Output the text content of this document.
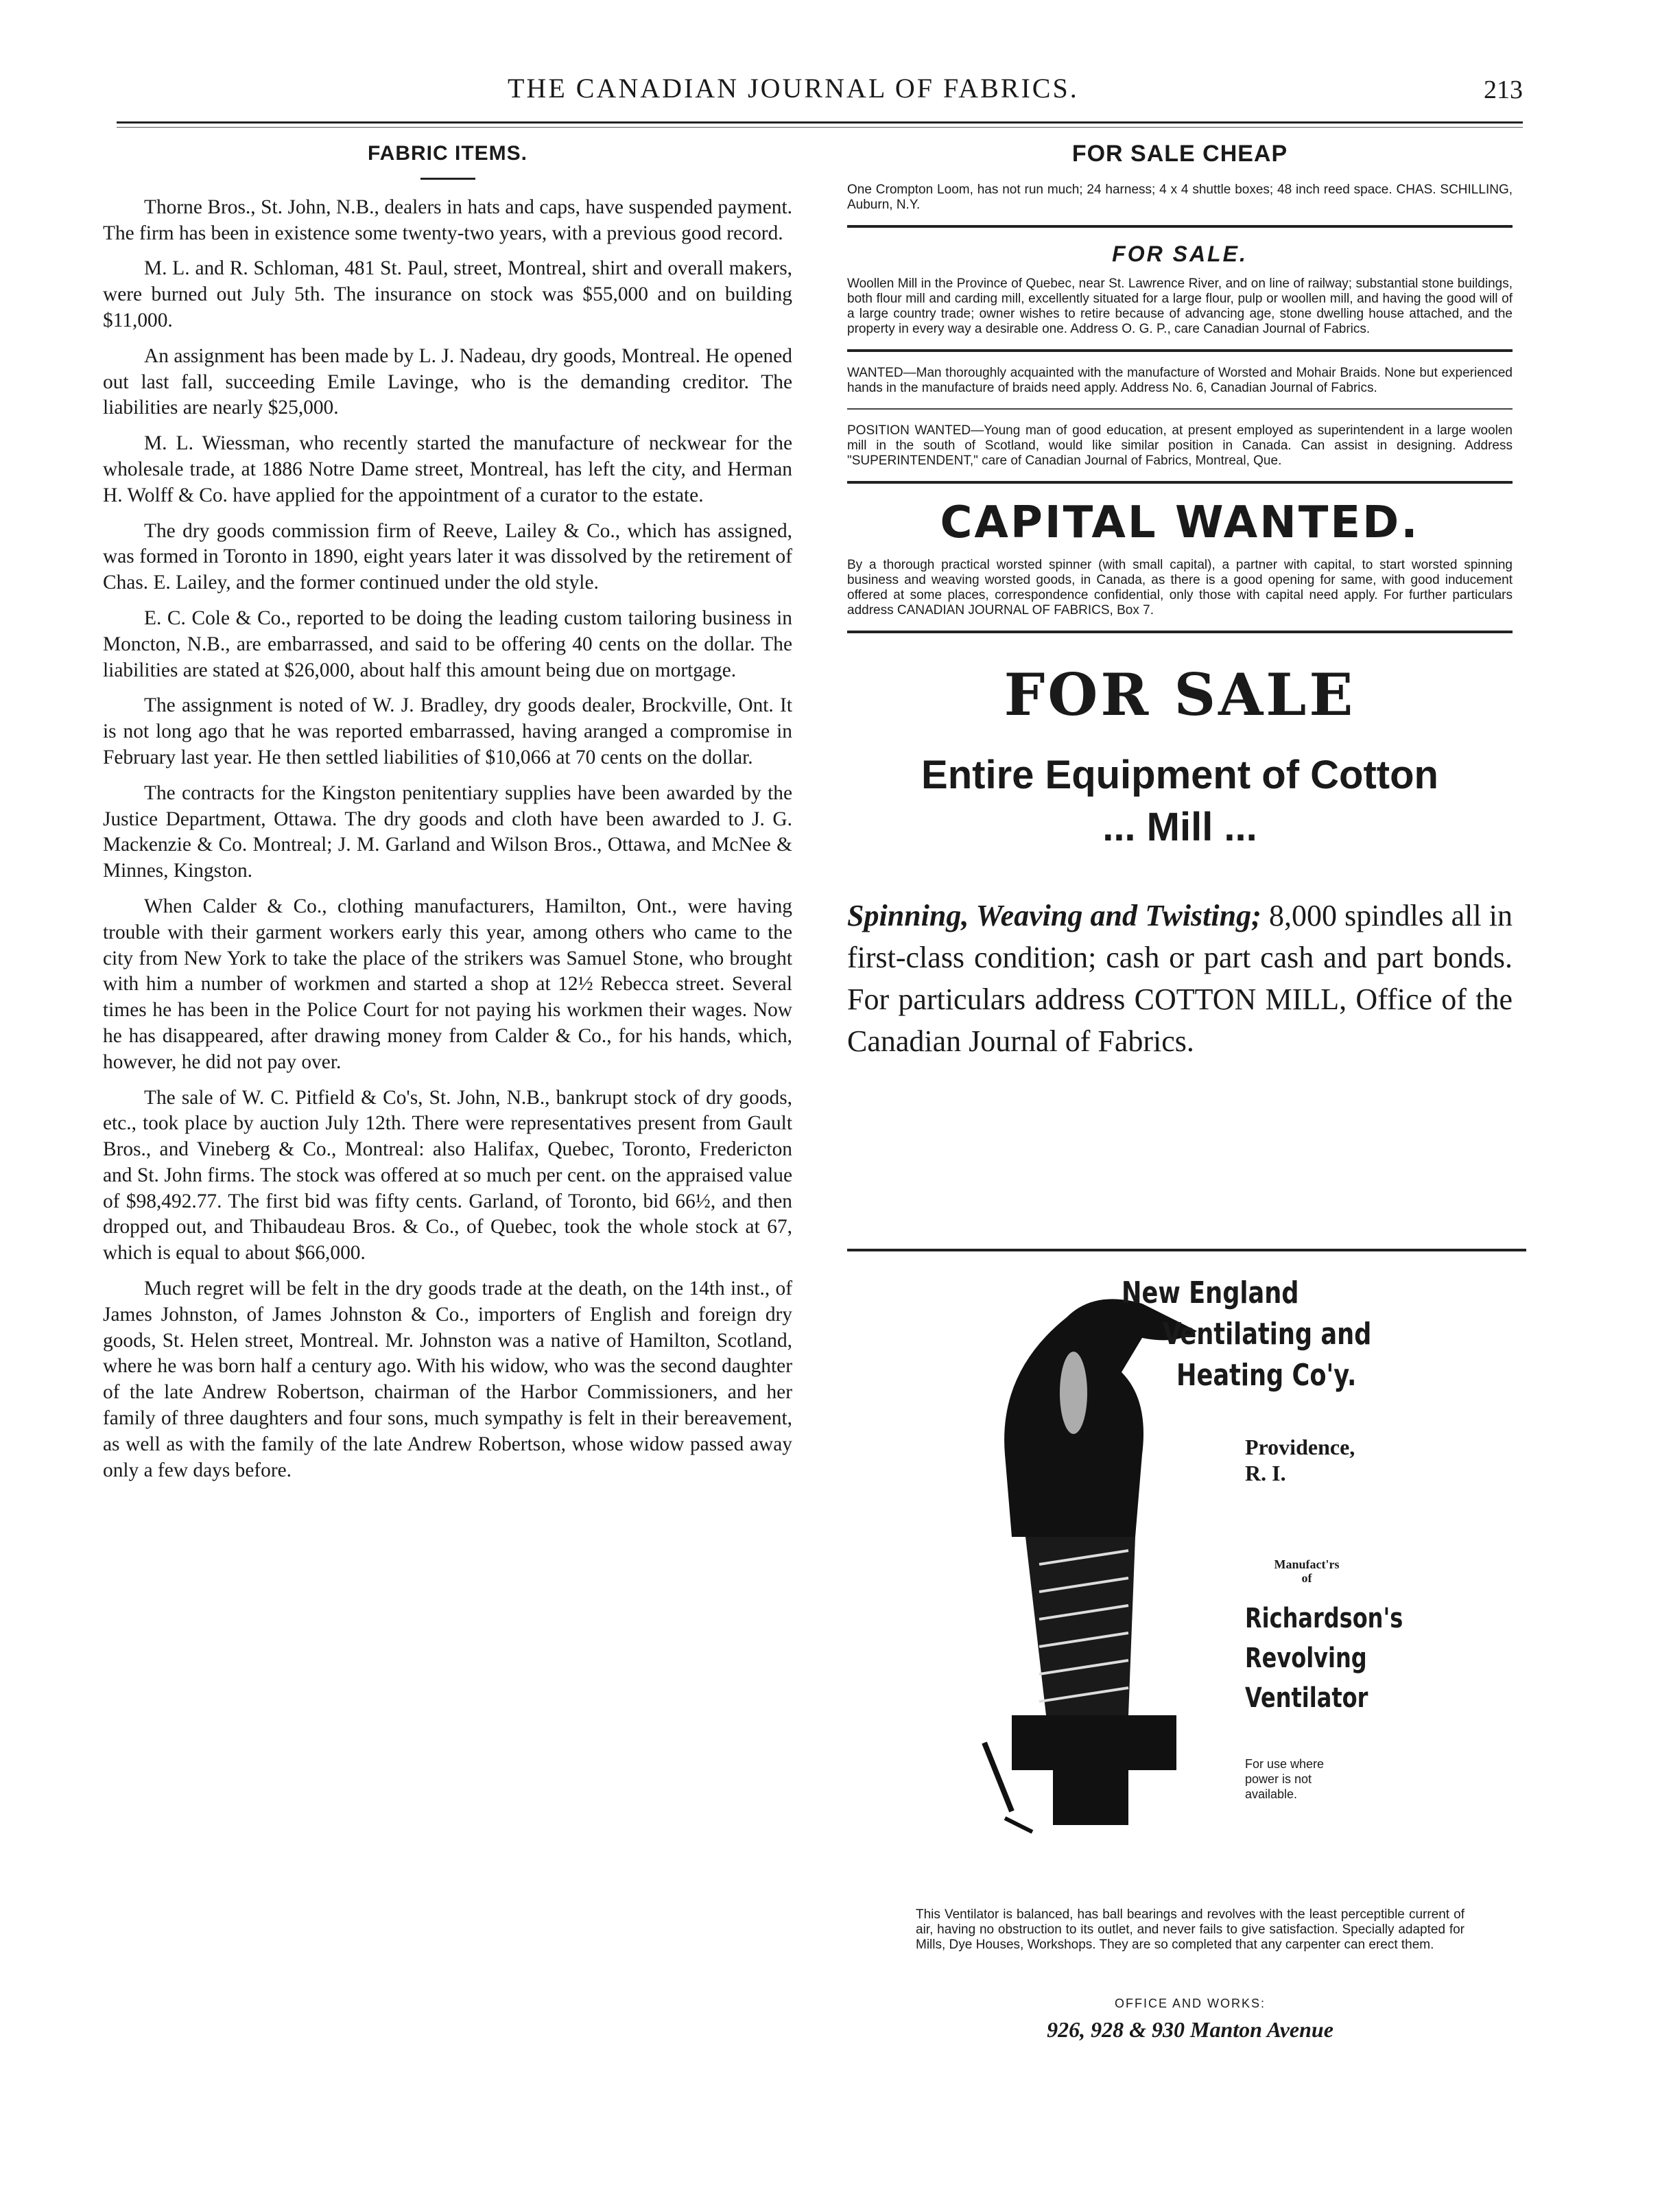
THE CANADIAN JOURNAL OF FABRICS.	213
FABRIC ITEMS.

Thorne Bros., St. John, N.B., dealers in hats and caps, have suspended payment. The firm has been in existence some twenty-two years, with a previous good record.

M. L. and R. Schloman, 481 St. Paul, street, Montreal, shirt and overall makers, were burned out July 5th. The insurance on stock was $55,000 and on building $11,000.

An assignment has been made by L. J. Nadeau, dry goods, Montreal. He opened out last fall, succeeding Emile Lavinge, who is the demanding creditor. The liabilities are nearly $25,000.

M. L. Wiessman, who recently started the manufacture of neckwear for the wholesale trade, at 1886 Notre Dame street, Montreal, has left the city, and Herman H. Wolff & Co. have applied for the appointment of a curator to the estate.

The dry goods commission firm of Reeve, Lailey & Co., which has assigned, was formed in Toronto in 1890, eight years later it was dissolved by the retirement of Chas. E. Lailey, and the former continued under the old style.

E. C. Cole & Co., reported to be doing the leading custom tailoring business in Moncton, N.B., are embarrassed, and said to be offering 40 cents on the dollar. The liabilities are stated at $26,000, about half this amount being due on mortgage.

The assignment is noted of W. J. Bradley, dry goods dealer, Brockville, Ont. It is not long ago that he was reported embarrassed, having aranged a compromise in February last year. He then settled liabilities of $10,066 at 70 cents on the dollar.

The contracts for the Kingston penitentiary supplies have been awarded by the Justice Department, Ottawa. The dry goods and cloth have been awarded to J. G. Mackenzie & Co. Montreal; J. M. Garland and Wilson Bros., Ottawa, and McNee & Minnes, Kingston.

When Calder & Co., clothing manufacturers, Hamilton, Ont., were having trouble with their garment workers early this year, among others who came to the city from New York to take the place of the strikers was Samuel Stone, who brought with him a number of workmen and started a shop at 12½ Rebecca street. Several times he has been in the Police Court for not paying his workmen their wages. Now he has disappeared, after drawing money from Calder & Co., for his hands, which, however, he did not pay over.

The sale of W. C. Pitfield & Co's, St. John, N.B., bankrupt stock of dry goods, etc., took place by auction July 12th. There were representatives present from Gault Bros., and Vineberg & Co., Montreal: also Halifax, Quebec, Toronto, Fredericton and St. John firms. The stock was offered at so much per cent. on the appraised value of $98,492.77. The first bid was fifty cents. Garland, of Toronto, bid 66½, and then dropped out, and Thibaudeau Bros. & Co., of Quebec, took the whole stock at 67, which is equal to about $66,000.

Much regret will be felt in the dry goods trade at the death, on the 14th inst., of James Johnston, of James Johnston & Co., importers of English and foreign dry goods, St. Helen street, Montreal. Mr. Johnston was a native of Hamilton, Scotland, where he was born half a century ago. With his widow, who was the second daughter of the late Andrew Robertson, chairman of the Harbor Commissioners, and her family of three daughters and four sons, much sympathy is felt in their bereavement, as well as with the family of the late Andrew Robertson, whose widow passed away only a few days before.

FOR SALE CHEAP
One Crompton Loom, has not run much; 24 harness; 4 x 4 shuttle boxes; 48 inch reed space. CHAS. SCHILLING, Auburn, N.Y.
FOR SALE.
Woollen Mill in the Province of Quebec, near St. Lawrence River, and on line of railway; substantial stone buildings, both flour mill and carding mill, excellently situated for a large flour, pulp or woollen mill, and having the good will of a large country trade; owner wishes to retire because of advancing age, stone dwelling house attached, and the property in every way a desirable one. Address O. G. P., care Canadian Journal of Fabrics.
WANTED—Man thoroughly acquainted with the manufacture of Worsted and Mohair Braids. None but experienced hands in the manufacture of braids need apply. Address No. 6, Canadian Journal of Fabrics.
POSITION WANTED—Young man of good education, at present employed as superintendent in a large woolen mill in the south of Scotland, would like similar position in Canada. Can assist in designing. Address "SUPERINTENDENT," care of Canadian Journal of Fabrics, Montreal, Que.
CAPITAL WANTED.
By a thorough practical worsted spinner (with small capital), a partner with capital, to start worsted spinning business and weaving worsted goods, in Canada, as there is a good opening for same, with good inducement offered at some places, correspondence confidential, only those with capital need apply. For further particulars address CANADIAN JOURNAL OF FABRICS, Box 7.
FOR SALE
Entire Equipment of Cotton
... Mill ...
Spinning, Weaving and Twisting; 8,000 spindles all in first-class condition; cash or part cash and part bonds. For particulars address COTTON MILL, Office of the Canadian Journal of Fabrics.
New England
Ventilating and
Heating Co'y.
Providence,
R. I.
Manufact'rs
of
Richardson's
Revolving
Ventilator
For use where power is not available.
This Ventilator is balanced, has ball bearings and revolves with the least perceptible current of air, having no obstruction to its outlet, and never fails to give satisfaction. Specially adapted for Mills, Dye Houses, Workshops. They are so completed that any carpenter can erect them.
OFFICE AND WORKS:
926, 928 & 930 Manton Avenue
